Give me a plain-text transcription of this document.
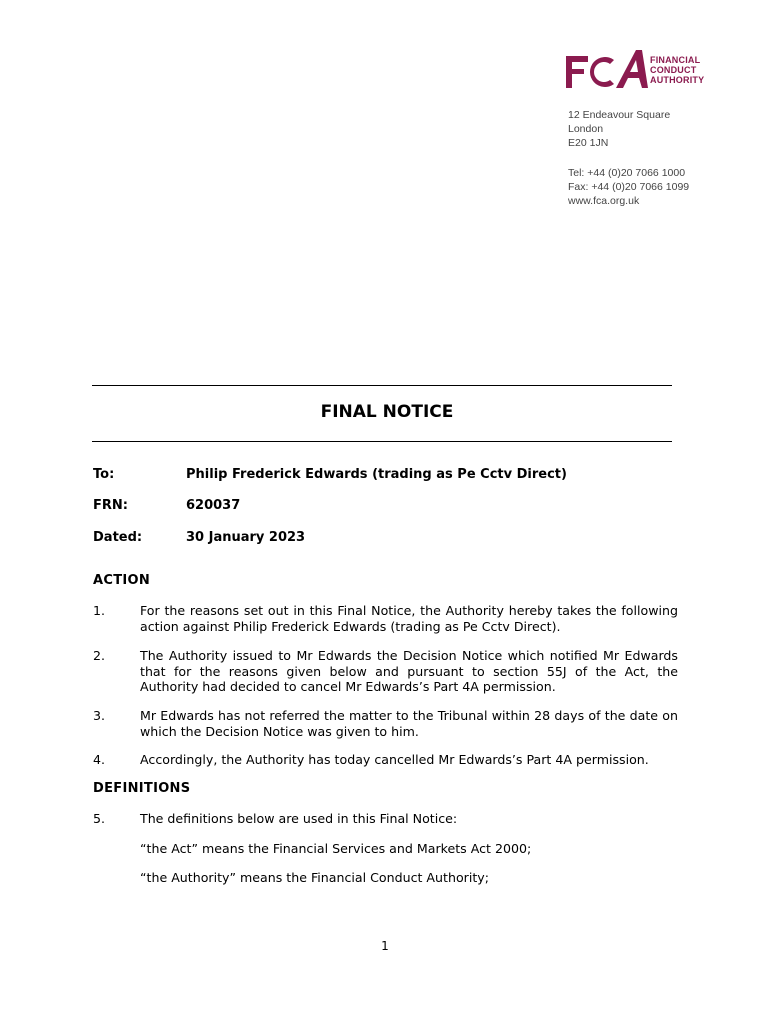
FINANCIAL
CONDUCT
AUTHORITY
12 Endeavour Square
London
E20 1JN
Tel: +44 (0)20 7066 1000
Fax: +44 (0)20 7066 1099
www.fca.org.uk
FINAL NOTICE
To:	Philip Frederick Edwards (trading as Pe Cctv Direct)
FRN:	620037
Dated:	30 January 2023
ACTION
1.	For the reasons set out in this Final Notice, the Authority hereby takes the following action against Philip Frederick Edwards (trading as Pe Cctv Direct).
2.	The Authority issued to Mr Edwards the Decision Notice which notified Mr Edwards that for the reasons given below and pursuant to section 55J of the Act, the Authority had decided to cancel Mr Edwards’s Part 4A permission.
3.	Mr Edwards has not referred the matter to the Tribunal within 28 days of the date on which the Decision Notice was given to him.
4.	Accordingly, the Authority has today cancelled Mr Edwards’s Part 4A permission.
DEFINITIONS
5.	The definitions below are used in this Final Notice:
“the Act” means the Financial Services and Markets Act 2000;
“the Authority” means the Financial Conduct Authority;
1
